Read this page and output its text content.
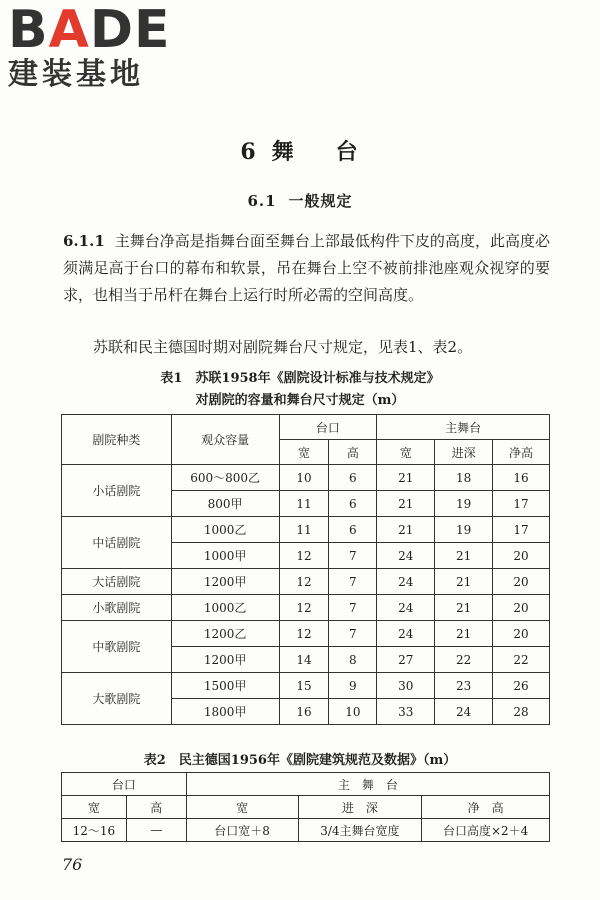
BADE
建装基地
6 舞 台
6.1 一般规定
6.1.1 主舞台净高是指舞台面至舞台上部最低构件下皮的高度，此高度必须满足高于台口的幕布和软景，吊在舞台上空不被前排池座观众视穿的要求，也相当于吊杆在舞台上运行时所必需的空间高度。
苏联和民主德国时期对剧院舞台尺寸规定，见表1、表2。
表1　苏联1958年《剧院设计标准与技术规定》
对剧院的容量和舞台尺寸规定（m）
剧院种类	观众容量	台口		主舞台		
		宽	高	宽	进深	净高
小话剧院	600～800乙	10	6	21	18	16
	800甲	11	6	21	19	17
中话剧院	1000乙	11	6	21	19	17
	1000甲	12	7	24	21	20
大话剧院	1200甲	12	7	24	21	20
小歌剧院	1000乙	12	7	24	21	20
中歌剧院	1200乙	12	7	24	21	20
	1200甲	14	8	27	22	22
大歌剧院	1500甲	15	9	30	23	26
	1800甲	16	10	33	24	28
表2　民主德国1956年《剧院建筑规范及数据》（m）
台口		主　舞　台		
宽	高	宽	进　深	净　高
12～16	—	台口宽＋8	3/4主舞台宽度	台口高度×2＋4
76
